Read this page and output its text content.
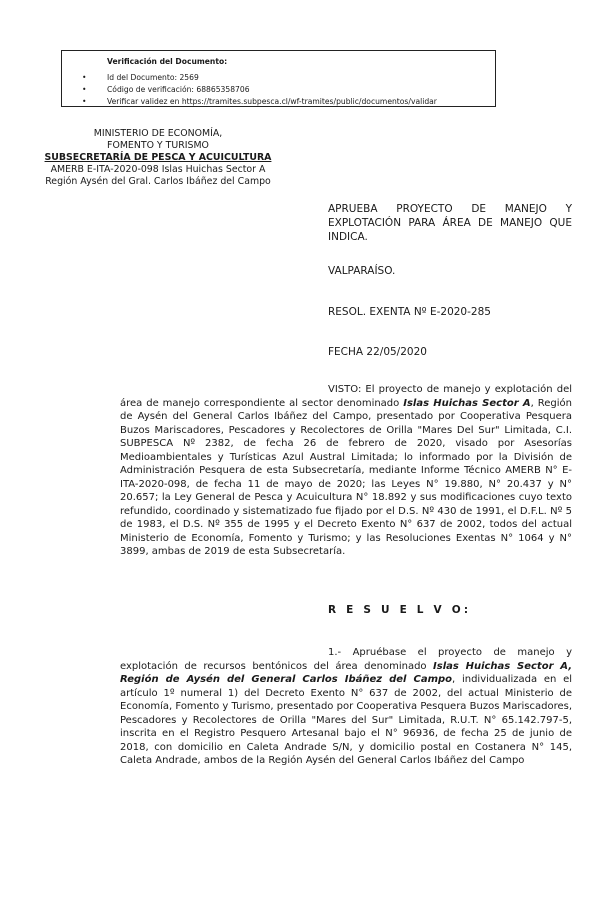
Verificación del Documento:
• Id del Documento: 2569
• Código de verificación: 68865358706
• Verificar validez en https://tramites.subpesca.cl/wf-tramites/public/documentos/validar
MINISTERIO DE ECONOMÍA,
FOMENTO Y TURISMO
SUBSECRETARÍA DE PESCA Y ACUICULTURA
AMERB E-ITA-2020-098 Islas Huichas Sector A
Región Aysén del Gral. Carlos Ibáñez del Campo
APRUEBA PROYECTO DE MANEJO Y EXPLOTACIÓN PARA ÁREA DE MANEJO QUE INDICA.
VALPARAÍSO.
RESOL. EXENTA Nº E-2020-285
FECHA 22/05/2020
VISTO: El proyecto de manejo y explotación del área de manejo correspondiente al sector denominado Islas Huichas Sector A, Región de Aysén del General Carlos Ibáñez del Campo, presentado por Cooperativa Pesquera Buzos Mariscadores, Pescadores y Recolectores de Orilla "Mares Del Sur" Limitada, C.I. SUBPESCA Nº 2382, de fecha 26 de febrero de 2020, visado por Asesorías Medioambientales y Turísticas Azul Austral Limitada; lo informado por la División de Administración Pesquera de esta Subsecretaría, mediante Informe Técnico AMERB N° E-ITA-2020-098, de fecha 11 de mayo de 2020; las Leyes N° 19.880, N° 20.437 y N° 20.657; la Ley General de Pesca y Acuicultura N° 18.892 y sus modificaciones cuyo texto refundido, coordinado y sistematizado fue fijado por el D.S. Nº 430 de 1991, el D.F.L. Nº 5 de 1983, el D.S. Nº 355 de 1995 y el Decreto Exento N° 637 de 2002, todos del actual Ministerio de Economía, Fomento y Turismo; y las Resoluciones Exentas N° 1064 y N° 3899, ambas de 2019 de esta Subsecretaría.
R E S U E L V O:
1.- Apruébase el proyecto de manejo y explotación de recursos bentónicos del área denominado Islas Huichas Sector A, Región de Aysén del General Carlos Ibáñez del Campo, individualizada en el artículo 1º numeral 1) del Decreto Exento N° 637 de 2002, del actual Ministerio de Economía, Fomento y Turismo, presentado por Cooperativa Pesquera Buzos Mariscadores, Pescadores y Recolectores de Orilla "Mares del Sur" Limitada, R.U.T. N° 65.142.797-5, inscrita en el Registro Pesquero Artesanal bajo el N° 96936, de fecha 25 de junio de 2018, con domicilio en Caleta Andrade S/N, y domicilio postal en Costanera N° 145, Caleta Andrade, ambos de la Región Aysén del General Carlos Ibáñez del Campo
